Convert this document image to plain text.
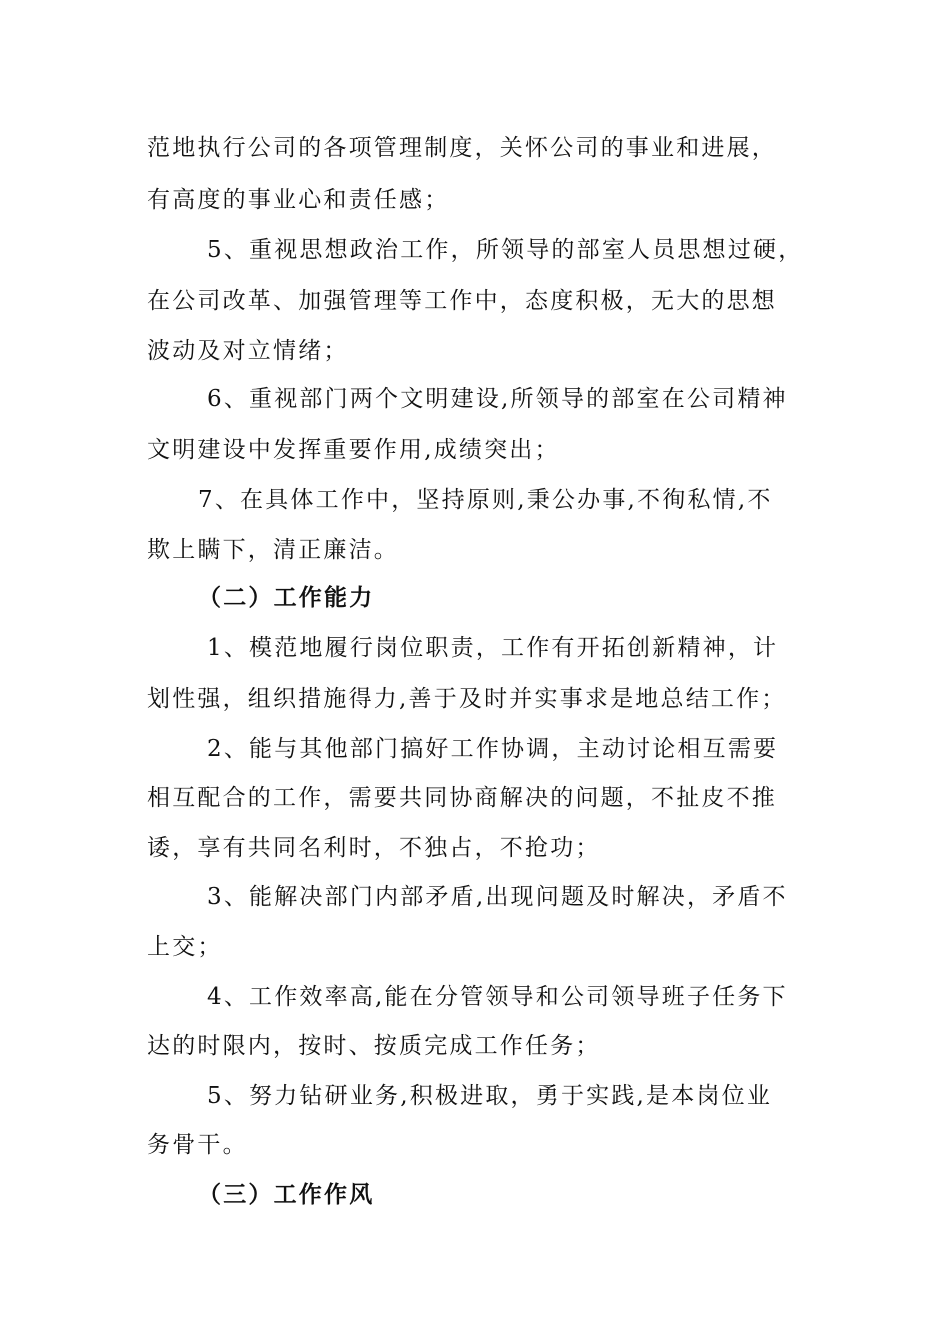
范地执行公司的各项管理制度，关怀公司的事业和进展，
有高度的事业心和责任感；
5、重视思想政治工作，所领导的部室人员思想过硬，
在公司改革、加强管理等工作中，态度积极，无大的思想
波动及对立情绪；
6、重视部门两个文明建设,所领导的部室在公司精神
文明建设中发挥重要作用,成绩突出；
7、在具体工作中，坚持原则,秉公办事,不徇私情,不
欺上瞒下，清正廉洁。
（二）工作能力
1、模范地履行岗位职责，工作有开拓创新精神，计
划性强，组织措施得力,善于及时并实事求是地总结工作；
2、能与其他部门搞好工作协调，主动讨论相互需要
相互配合的工作，需要共同协商解决的问题，不扯皮不推
诿，享有共同名利时，不独占，不抢功；
3、能解决部门内部矛盾,出现问题及时解决，矛盾不
上交；
4、工作效率高,能在分管领导和公司领导班子任务下
达的时限内，按时、按质完成工作任务；
5、努力钻研业务,积极进取，勇于实践,是本岗位业
务骨干。
（三）工作作风
